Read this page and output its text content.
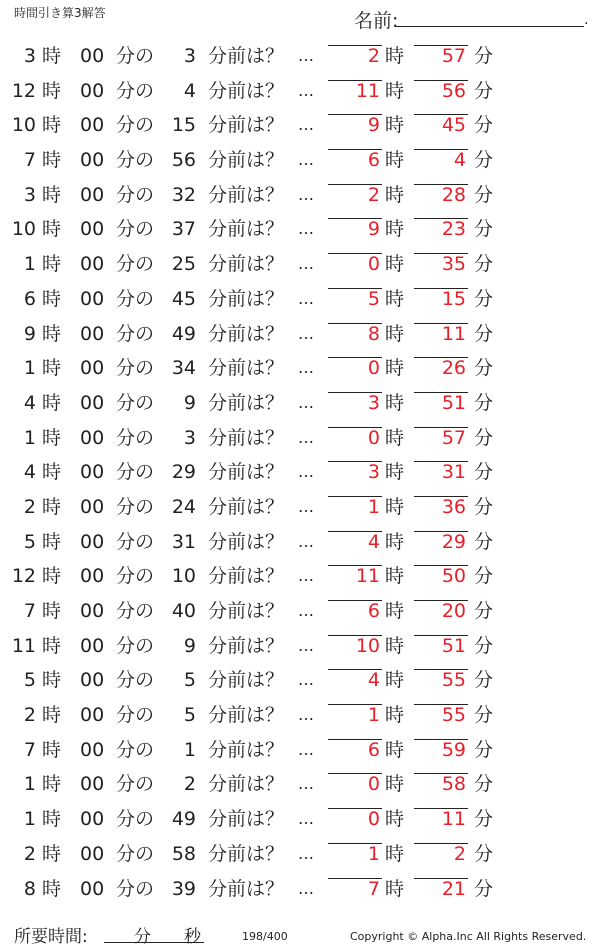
時間引き算3解答	名前:	.
3 時 00 分の	3 分前は？ …	2 時	57 分
12 時 00 分の	4 分前は？ …	11 時	56 分
10 時 00 分の 15 分前は？ …	9 時	45 分
7 時 00 分の 56 分前は？ …	6 時	4 分
3 時 00 分の 32 分前は？ …	2 時	28 分
10 時 00 分の 37 分前は？ …	9 時	23 分
1 時 00 分の 25 分前は？ …	0 時	35 分
6 時 00 分の 45 分前は？ …	5 時	15 分
9 時 00 分の 49 分前は？ …	8 時	11 分
1 時 00 分の 34 分前は？ …	0 時	26 分
4 時 00 分の	9 分前は？ …	3 時	51 分
1 時 00 分の	3 分前は？ …	0 時	57 分
4 時 00 分の 29 分前は？ …	3 時	31 分
2 時 00 分の 24 分前は？ …	1 時	36 分
5 時 00 分の 31 分前は？ …	4 時	29 分
12 時 00 分の 10 分前は？ …	11 時	50 分
7 時 00 分の 40 分前は？ …	6 時	20 分
11 時 00 分の	9 分前は？ …	10 時	51 分
5 時 00 分の	5 分前は？ …	4 時	55 分
2 時 00 分の	5 分前は？ …	1 時	55 分
7 時 00 分の	1 分前は？ …	6 時	59 分
1 時 00 分の	2 分前は？ …	0 時	58 分
1 時 00 分の 49 分前は？ …	0 時	11 分
2 時 00 分の 58 分前は？ …	1 時	2 分
8 時 00 分の 39 分前は？ …	7 時	21 分
所要時間:	分 秒	198/400	Copyright © Alpha.Inc All Rights Reserved.
